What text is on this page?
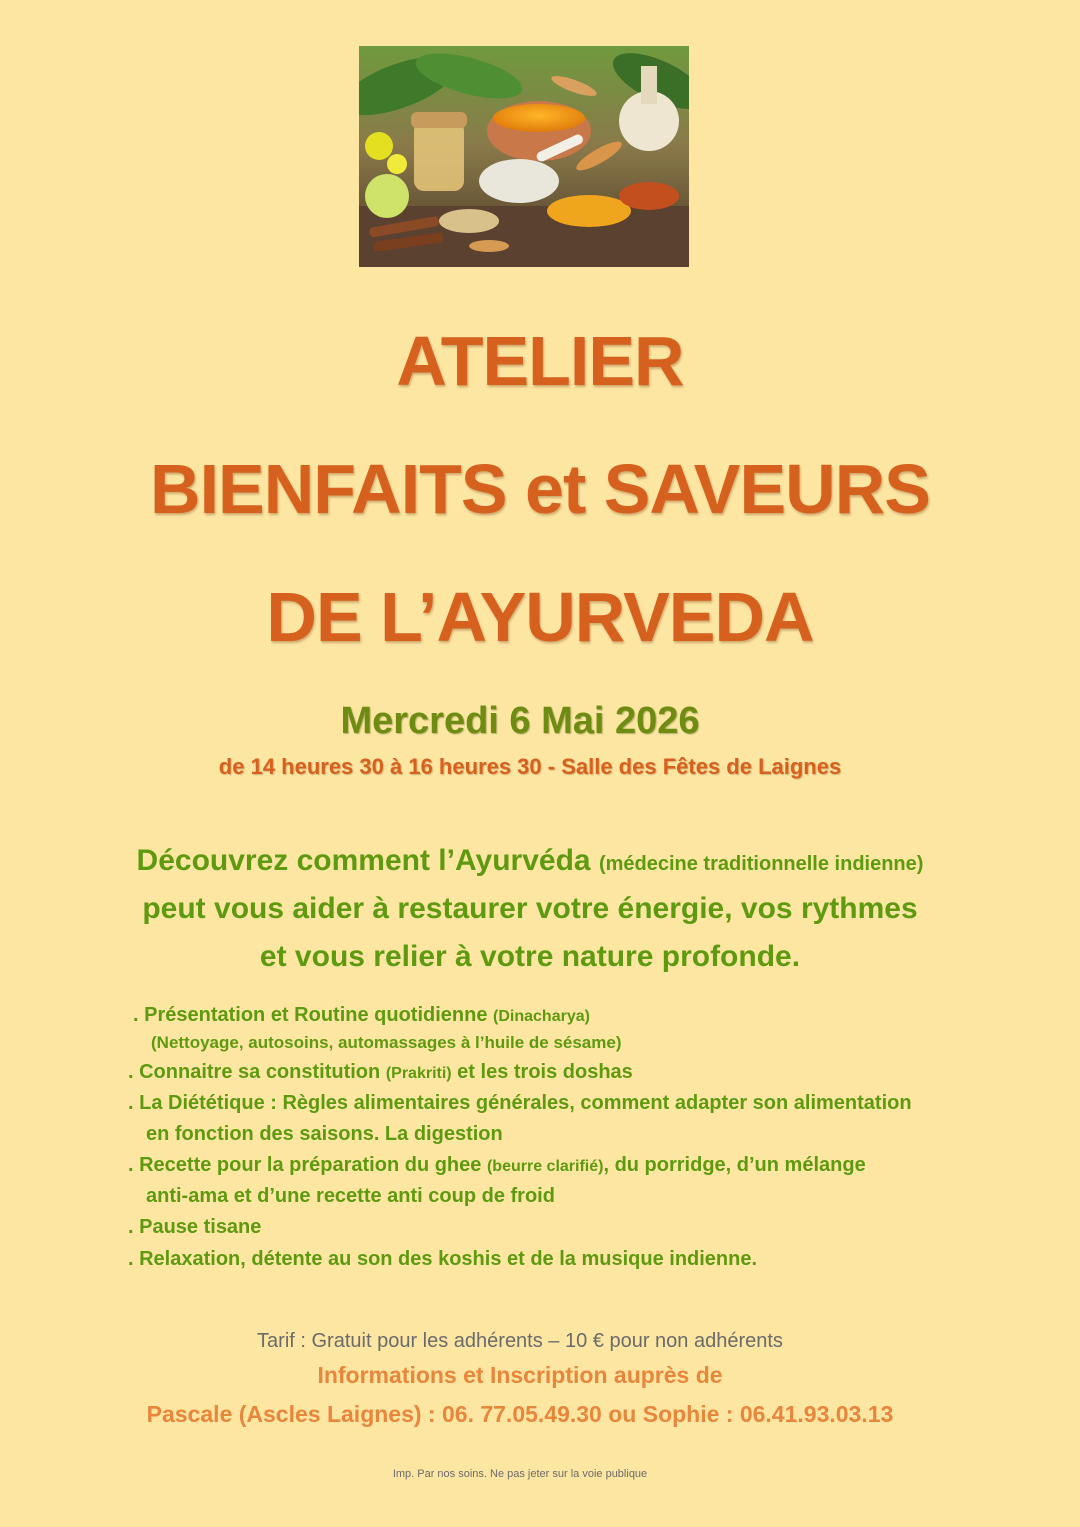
ATELIER
BIENFAITS et SAVEURS
DE L’AYURVEDA
Mercredi 6 Mai 2026
de 14 heures 30 à 16 heures 30 - Salle des Fêtes de Laignes
Découvrez comment l’Ayurvéda (médecine traditionnelle indienne)
peut vous aider à restaurer votre énergie, vos rythmes
et vous relier à votre nature profonde.
. Présentation et Routine quotidienne (Dinacharya)
(Nettoyage, autosoins, automassages à l’huile de sésame)
. Connaitre sa constitution (Prakriti) et les trois doshas
. La Diététique : Règles alimentaires générales, comment adapter son alimentation
en fonction des saisons. La digestion
. Recette pour la préparation du ghee (beurre clarifié), du porridge, d’un mélange
anti-ama et d’une recette anti coup de froid
. Pause tisane
. Relaxation, détente au son des koshis et de la musique indienne.
Tarif : Gratuit pour les adhérents – 10 € pour non adhérents
Informations et Inscription auprès de
Pascale (Ascles Laignes) : 06. 77.05.49.30 ou Sophie : 06.41.93.03.13
Imp. Par nos soins. Ne pas jeter sur la voie publique
